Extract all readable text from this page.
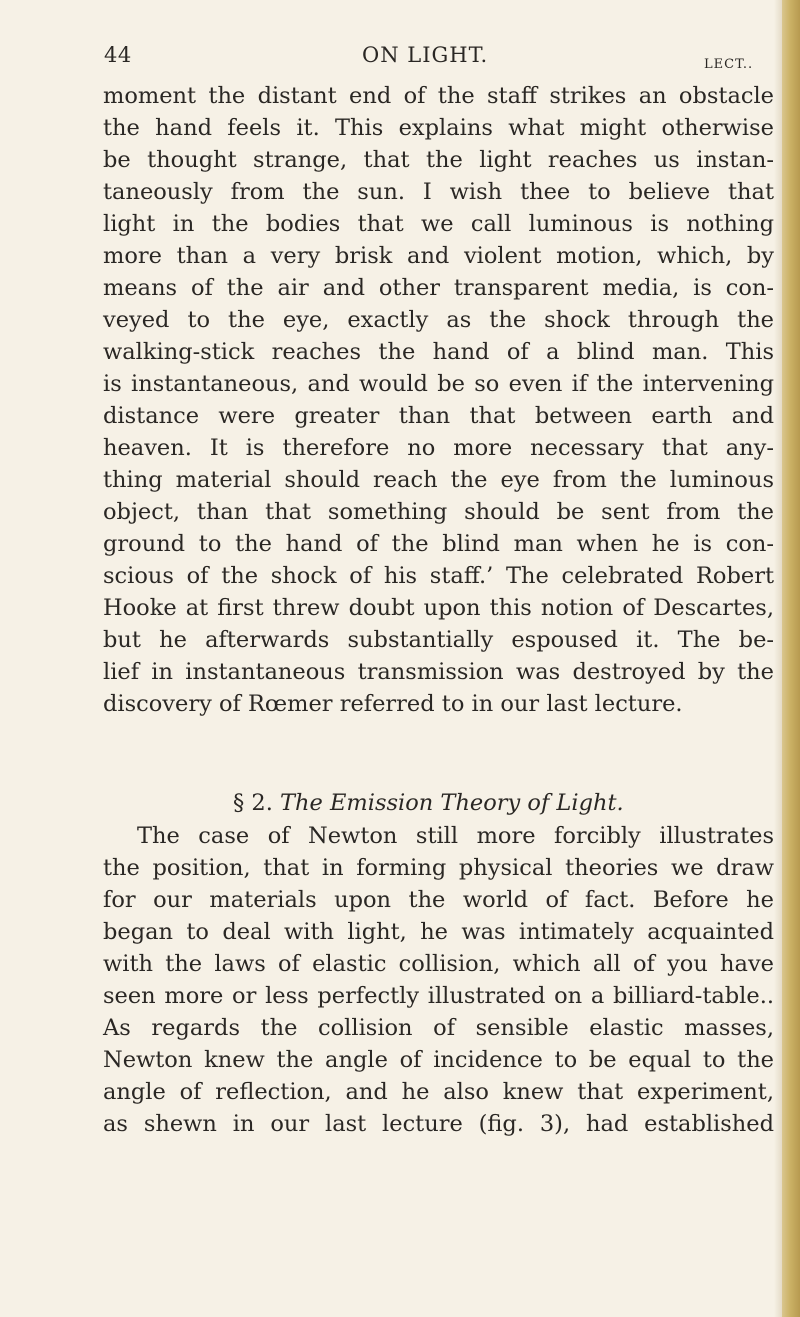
44	ON LIGHT.	LECT..
moment the distant end of the staff strikes an obstacle
the hand feels it. This explains what might otherwise
be thought strange, that the light reaches us instan-
taneously from the sun. I wish thee to believe that
light in the bodies that we call luminous is nothing
more than a very brisk and violent motion, which, by
means of the air and other transparent media, is con-
veyed to the eye, exactly as the shock through the
walking-stick reaches the hand of a blind man. This
is instantaneous, and would be so even if the intervening
distance were greater than that between earth and
heaven. It is therefore no more necessary that any-
thing material should reach the eye from the luminous
object, than that something should be sent from the
ground to the hand of the blind man when he is con-
scious of the shock of his staff.’ The celebrated Robert
Hooke at first threw doubt upon this notion of Descartes,
but he afterwards substantially espoused it. The be-
lief in instantaneous transmission was destroyed by the
discovery of Rœmer referred to in our last lecture.
§ 2. The Emission Theory of Light.
The case of Newton still more forcibly illustrates
the position, that in forming physical theories we draw
for our materials upon the world of fact. Before he
began to deal with light, he was intimately acquainted
with the laws of elastic collision, which all of you have
seen more or less perfectly illustrated on a billiard-table..
As regards the collision of sensible elastic masses,
Newton knew the angle of incidence to be equal to the
angle of reflection, and he also knew that experiment,
as shewn in our last lecture (fig. 3), had established
